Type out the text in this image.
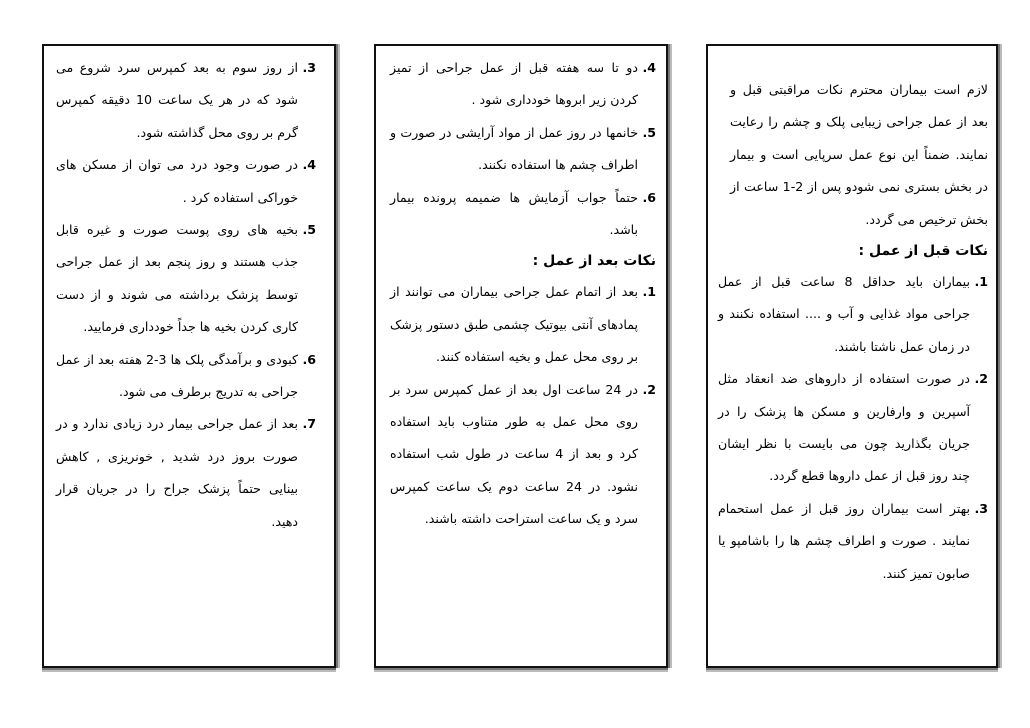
3.
از روز سوم به بعد کمپرس سرد شروع می شود که در هر یک ساعت 10 دقیقه کمپرس گرم بر روی محل گذاشته شود.

4.
در صورت وجود درد می توان از مسکن های خوراکی استفاده کرد .

5.
بخیه های روی پوست صورت و غیره قابل جذب هستند و روز پنجم بعد از عمل جراحی توسط پزشک برداشته می شوند و از دست کاری کردن بخیه ها جداً خودداری فرمایید.

6.
کبودی و برآمدگی پلک ها 3-2 هفته بعد از عمل جراحی به تدریج برطرف می شود.

7.
بعد از عمل جراحی بیمار درد زیادی ندارد و در صورت بروز درد شدید , خونریزی , کاهش بینایی حتماً پزشک جراح را در جریان قرار دهید.

4.
دو تا سه هفته قبل از عمل جراحی از تمیز کردن زیر ابروها خودداری شود .

5.
خانمها در روز عمل از مواد آرایشی در صورت و اطراف چشم ها استفاده نکنند.

6.
حتماً جواب آزمایش ها ضمیمه پرونده بیمار باشد.

نکات بعد از عمل :

1.
بعد از اتمام عمل جراحی بیماران می توانند از پمادهای آنتی بیوتیک چشمی طبق دستور پزشک بر روی محل عمل و بخیه استفاده کنند.

2.
در 24 ساعت اول بعد از عمل کمپرس سرد بر روی محل عمل به طور متناوب باید استفاده کرد و بعد از 4 ساعت در طول شب استفاده نشود. در 24 ساعت دوم یک ساعت کمپرس سرد و یک ساعت استراحت داشته باشند.

لازم است بیماران محترم نکات مراقبتی قبل و بعد از عمل جراحی زیبایی پلک و چشم را رعایت نمایند. ضمناً این نوع عمل سرپایی است و بیمار در بخش بستری نمی شودو پس از 2-1 ساعت از بخش ترخیص می گردد.

نکات قبل از عمل :

1.
بیماران باید حداقل 8 ساعت قبل از عمل جراحی مواد غذایی و آب و .... استفاده نکنند و در زمان عمل ناشتا باشند.

2.
در صورت استفاده از داروهای ضد انعقاد مثل آسپرین و وارفارین و مسکن ها پزشک را در جریان بگذارید چون می بایست با نظر ایشان چند روز قبل از عمل داروها قطع گردد.

3.
بهتر است بیماران روز قبل از عمل استحمام نمایند . صورت و اطراف چشم ها را باشامپو یا صابون تمیز کنند.
